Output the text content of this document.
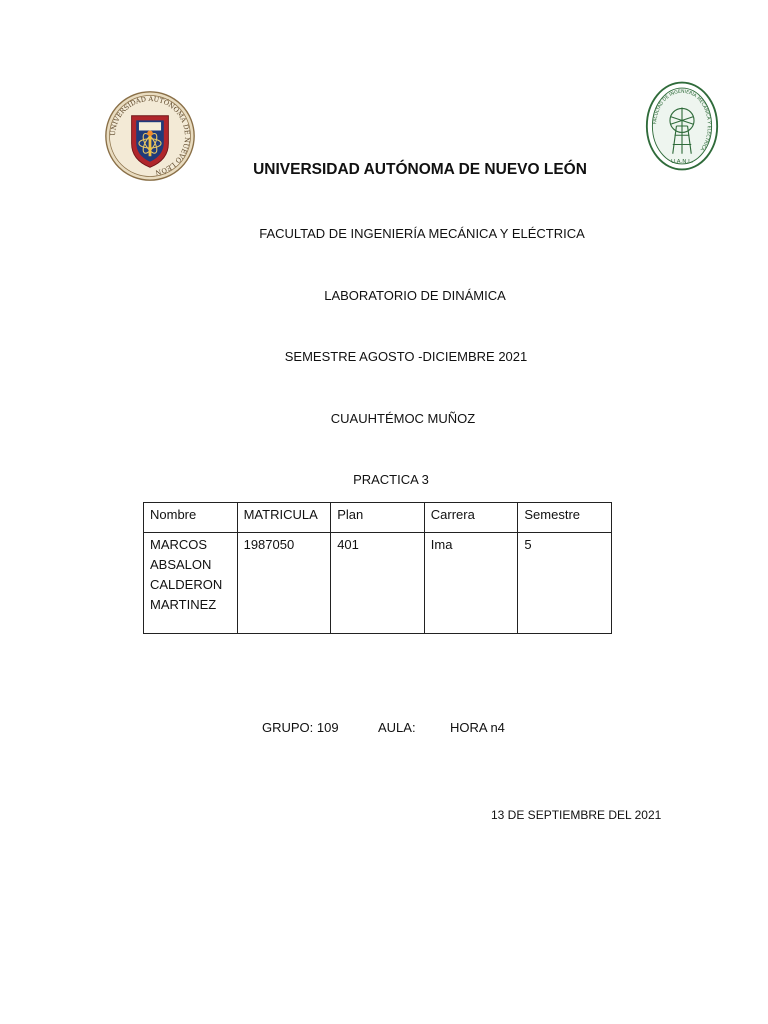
UNIVERSIDAD AUTÓNOMA DE NUEVO LEÓN
FACULTAD DE INGENIERÍA MECÁNICA Y ELÉCTRICA
U.A.N.L.
UNIVERSIDAD AUTÓNOMA DE NUEVO LEÓN
FACULTAD DE INGENIERÍA MECÁNICA Y ELÉCTRICA
LABORATORIO DE DINÁMICA
SEMESTRE AGOSTO -DICIEMBRE 2021
CUAUHTÉMOC MUÑOZ
PRACTICA 3
Nombre	MATRICULA	Plan	Carrera	Semestre

MARCOS
ABSALON
CALDERON
MARTINEZ	1987050	401	Ima	5
GRUPO: 109	AULA:	HORA n4
13 DE SEPTIEMBRE DEL 2021
